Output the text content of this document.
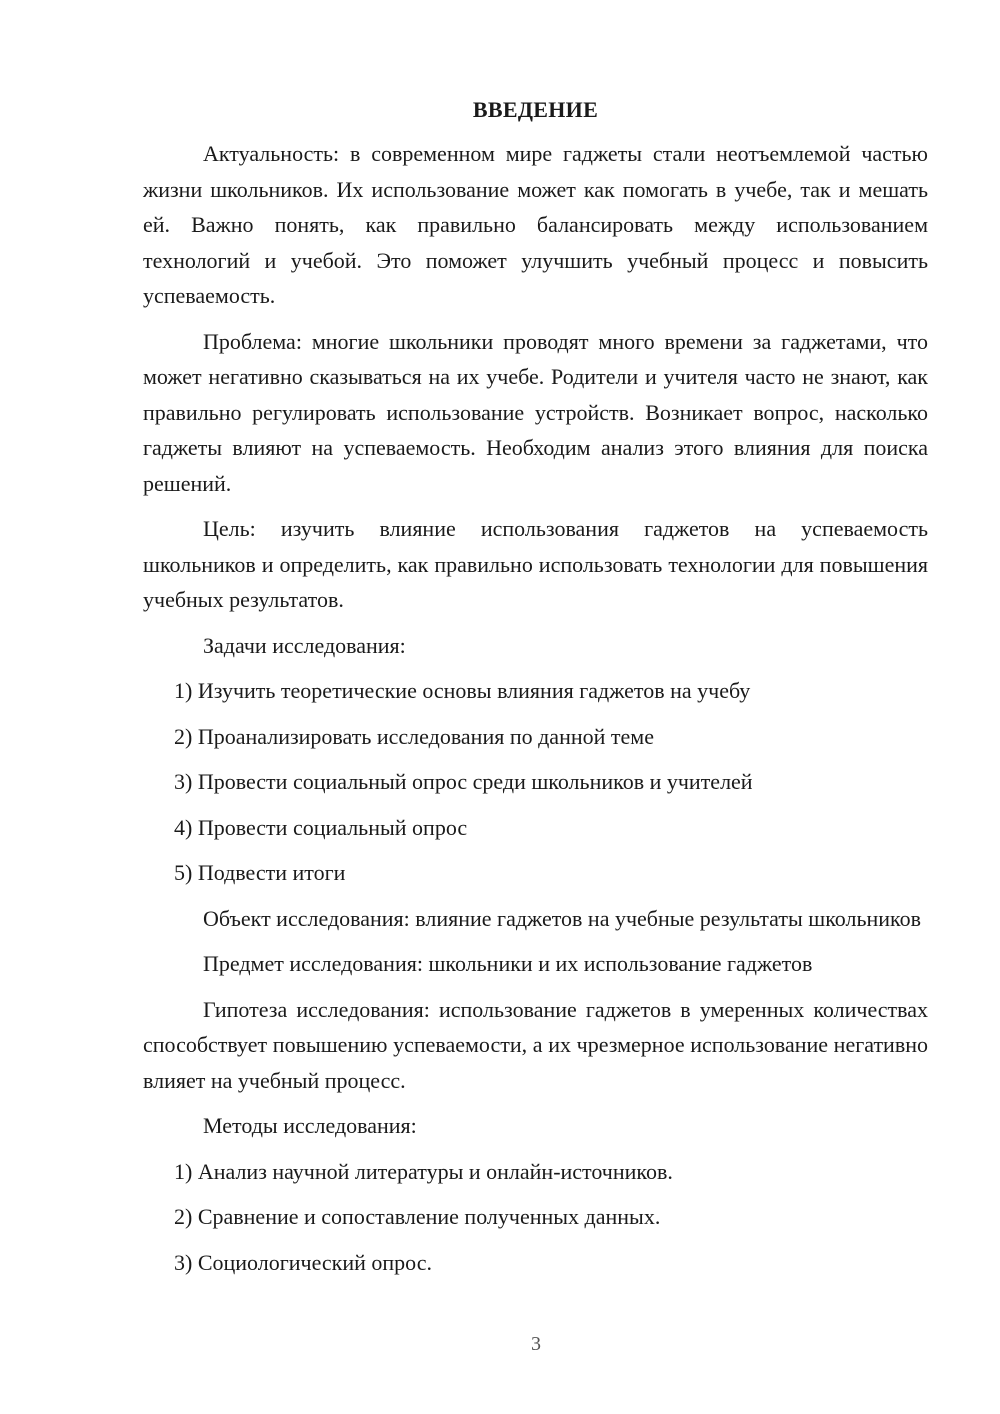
ВВЕДЕНИЕ

Актуальность: в современном мире гаджеты стали неотъемлемой частью жизни школьников. Их использование может как помогать в учебе, так и мешать ей. Важно понять, как правильно балансировать между использованием технологий и учебой. Это поможет улучшить учебный процесс и повысить успеваемость.

Проблема: многие школьники проводят много времени за гаджетами, что может негативно сказываться на их учебе. Родители и учителя часто не знают, как правильно регулировать использование устройств. Возникает вопрос, насколько гаджеты влияют на успеваемость. Необходим анализ этого влияния для поиска решений.

Цель: изучить влияние использования гаджетов на успеваемость школьников и определить, как правильно использовать технологии для повышения учебных результатов.

Задачи исследования:

1) Изучить теоретические основы влияния гаджетов на учебу
2) Проанализировать исследования по данной теме
3) Провести социальный опрос среди школьников и учителей
4) Провести социальный опрос
5) Подвести итоги

Объект исследования: влияние гаджетов на учебные результаты школьников

Предмет исследования: школьники и их использование гаджетов

Гипотеза исследования: использование гаджетов в умеренных количествах способствует повышению успеваемости, а их чрезмерное использование негативно влияет на учебный процесс.

Методы исследования:

1) Анализ научной литературы и онлайн-источников.
2) Сравнение и сопоставление полученных данных.
3) Социологический опрос.
3
